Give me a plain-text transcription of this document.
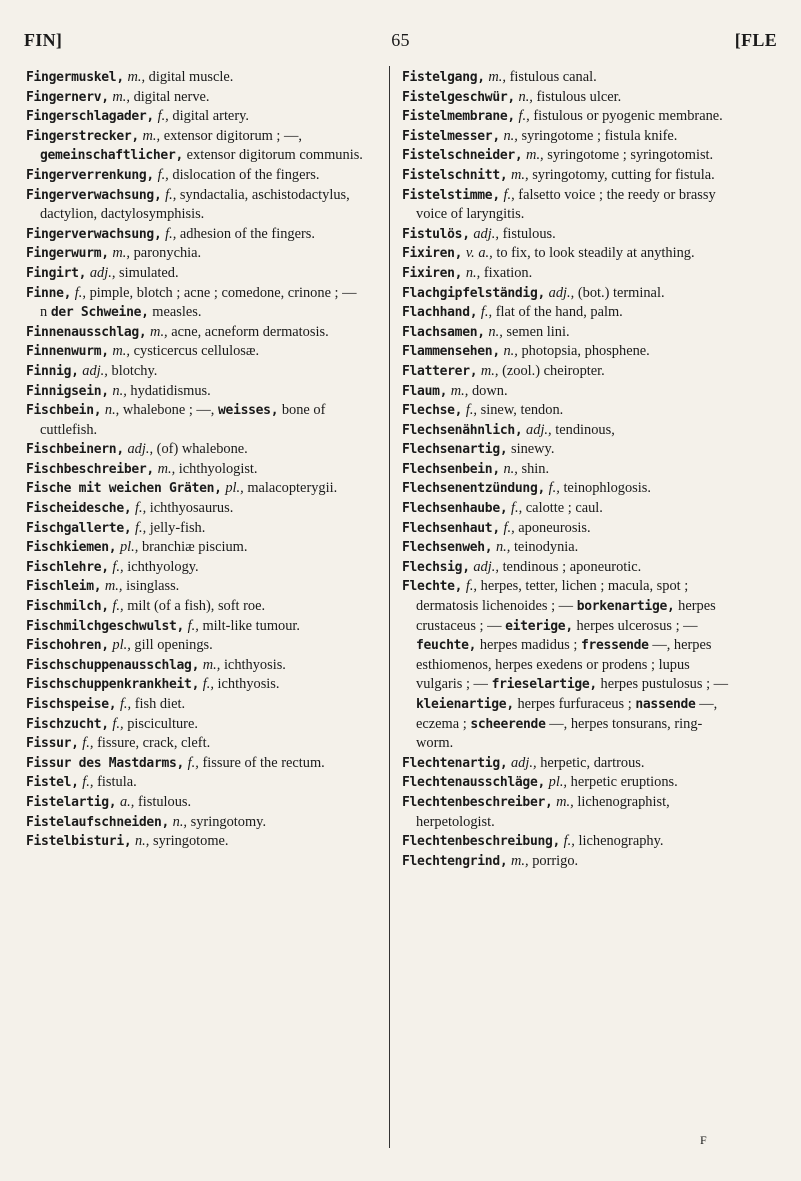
FIN]	65	[FLE

Fingermuskel, m., digital muscle.

Fingernerv, m., digital nerve.

Fingerschlagader, f., digital artery.

Fingerstrecker, m., extensor digitorum ; —, gemeinschaftlicher, extensor digitorum communis.

Fingerverrenkung, f., dislocation of the fingers.

Fingerverwachsung, f., syndactalia, aschistodactylus, dactylion, dactylosymphisis.

Fingerverwachsung, f., adhesion of the fingers.

Fingerwurm, m., paronychia.

Fingirt, adj., simulated.

Finne, f., pimple, blotch ; acne ; comedone, crinone ; —n der Schweine, measles.

Finnenausschlag, m., acne, acneform dermatosis.

Finnenwurm, m., cysticercus cellulosæ.

Finnig, adj., blotchy.

Finnigsein, n., hydatidismus.

Fischbein, n., whalebone ; —, weisses, bone of cuttlefish.

Fischbeinern, adj., (of) whalebone.

Fischbeschreiber, m., ichthyologist.

Fische mit weichen Gräten, pl., malacopterygii.

Fischeidesche, f., ichthyosaurus.

Fischgallerte, f., jelly-fish.

Fischkiemen, pl., branchiæ piscium.

Fischlehre, f., ichthyology.

Fischleim, m., isinglass.

Fischmilch, f., milt (of a fish), soft roe.

Fischmilchgeschwulst, f., milt-like tumour.

Fischohren, pl., gill openings.

Fischschuppenausschlag, m., ichthyosis.

Fischschuppenkrankheit, f., ichthyosis.

Fischspeise, f., fish diet.

Fischzucht, f., pisciculture.

Fissur, f., fissure, crack, cleft.

Fissur des Mastdarms, f., fissure of the rectum.

Fistel, f., fistula.

Fistelartig, a., fistulous.

Fistelaufschneiden, n., syringotomy.

Fistelbisturi, n., syringotome.

Fistelgang, m., fistulous canal.

Fistelgeschwür, n., fistulous ulcer.

Fistelmembrane, f., fistulous or pyogenic membrane.

Fistelmesser, n., syringotome ; fistula knife.

Fistelschneider, m., syringotome ; syringotomist.

Fistelschnitt, m., syringotomy, cutting for fistula.

Fistelstimme, f., falsetto voice ; the reedy or brassy voice of laryngitis.

Fistulös, adj., fistulous.

Fixiren, v. a., to fix, to look steadily at anything.

Fixiren, n., fixation.

Flachgipfelständig, adj., (bot.) terminal.

Flachhand, f., flat of the hand, palm.

Flachsamen, n., semen lini.

Flammensehen, n., photopsia, phosphene.

Flatterer, m., (zool.) cheiropter.

Flaum, m., down.

Flechse, f., sinew, tendon.

Flechsenähnlich, adj., tendinous,

Flechsenartig, sinewy.

Flechsenbein, n., shin.

Flechsenentzündung, f., teinophlogosis.

Flechsenhaube, f., calotte ; caul.

Flechsenhaut, f., aponeurosis.

Flechsenweh, n., teinodynia.

Flechsig, adj., tendinous ; aponeurotic.

Flechte, f., herpes, tetter, lichen ; macula, spot ; dermatosis lichenoides ; — borkenartige, herpes crustaceus ; — eiterige, herpes ulcerosus ; — feuchte, herpes madidus ; fressende —, herpes esthiomenos, herpes exedens or prodens ; lupus vulgaris ; — frieselartige, herpes pustulosus ; — kleienartige, herpes furfuraceus ; nassende —, eczema ; scheerende —, herpes tonsurans, ring-worm.

Flechtenartig, adj., herpetic, dartrous.

Flechtenausschläge, pl., herpetic eruptions.

Flechtenbeschreiber, m., lichenographist, herpetologist.

Flechtenbeschreibung, f., lichenography.

Flechtengrind, m., porrigo.

F
